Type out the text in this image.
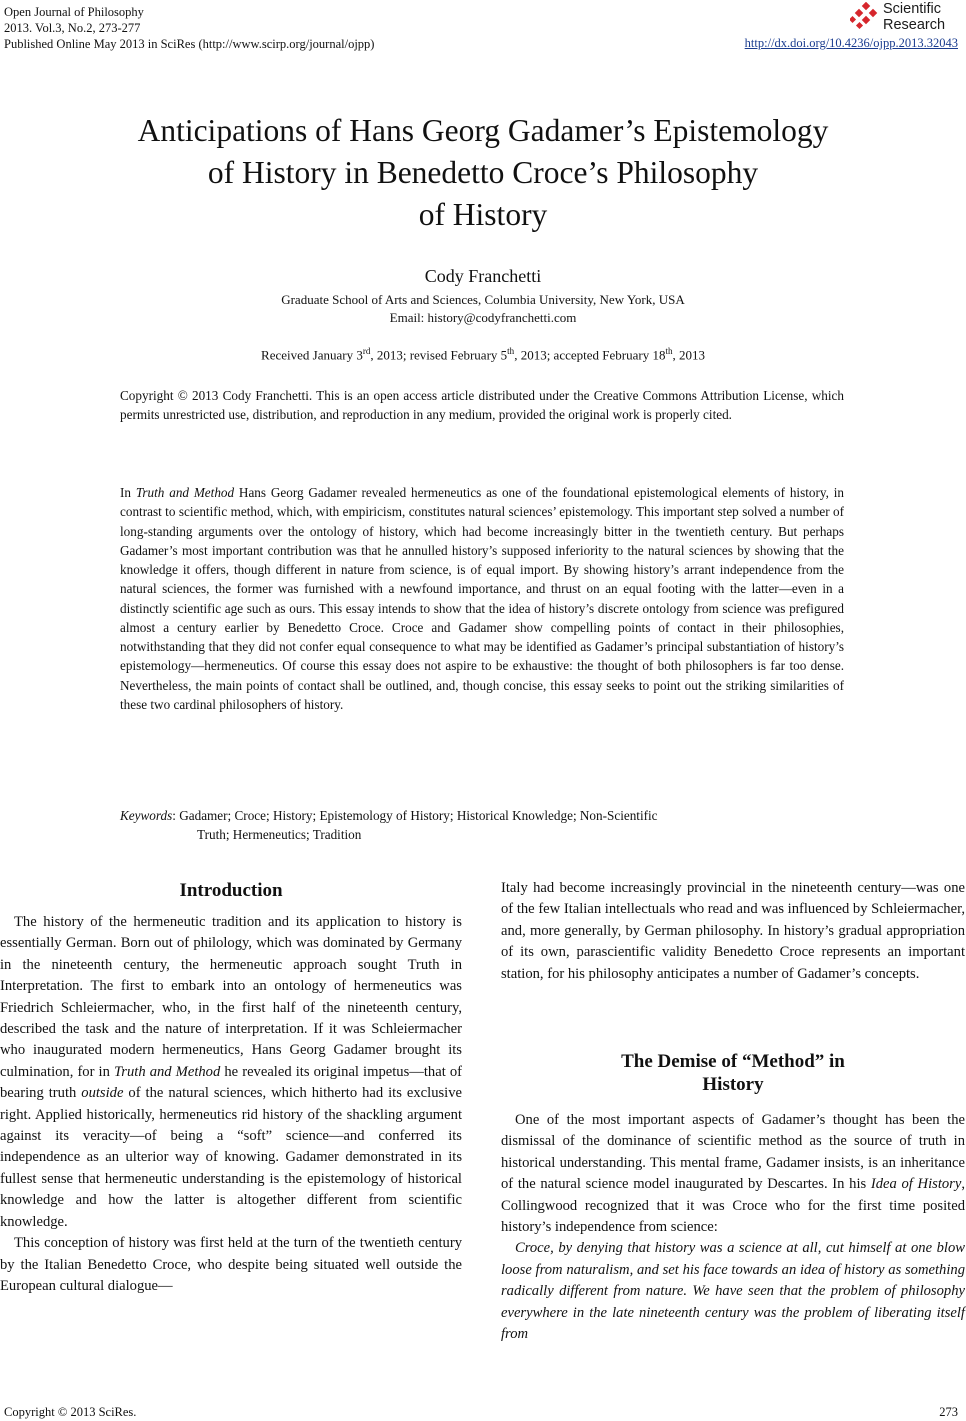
Open Journal of Philosophy
2013. Vol.3, No.2, 273-277
Published Online May 2013 in SciRes (http://www.scirp.org/journal/ojpp)
Scientific
Research
http://dx.doi.org/10.4236/ojpp.2013.32043
Anticipations of Hans Georg Gadamer’s Epistemology
of History in Benedetto Croce’s Philosophy
of History
Cody Franchetti
Graduate School of Arts and Sciences, Columbia University, New York, USA
Email: history@codyfranchetti.com
Received January 3rd, 2013; revised February 5th, 2013; accepted February 18th, 2013
Copyright © 2013 Cody Franchetti. This is an open access article distributed under the Creative Commons Attribution License, which permits unrestricted use, distribution, and reproduction in any medium, provided the original work is properly cited.
In Truth and Method Hans Georg Gadamer revealed hermeneutics as one of the foundational epistemological elements of history, in contrast to scientific method, which, with empiricism, constitutes natural sciences’ epistemology. This important step solved a number of long-standing arguments over the ontology of history, which had become increasingly bitter in the twentieth century. But perhaps Gadamer’s most important contribution was that he annulled history’s supposed inferiority to the natural sciences by showing that the knowledge it offers, though different in nature from science, is of equal import. By showing history’s arrant independence from the natural sciences, the former was furnished with a newfound importance, and thrust on an equal footing with the latter—even in a distinctly scientific age such as ours. This essay intends to show that the idea of history’s discrete ontology from science was prefigured almost a century earlier by Benedetto Croce. Croce and Gadamer show compelling points of contact in their philosophies, notwithstanding that they did not confer equal consequence to what may be identified as Gadamer’s principal substantiation of history’s epistemology—hermeneutics. Of course this essay does not aspire to be exhaustive: the thought of both philosophers is far too dense. Nevertheless, the main points of contact shall be outlined, and, though concise, this essay seeks to point out the striking similarities of these two cardinal philosophers of history.
Keywords: Gadamer; Croce; History; Epistemology of History; Historical Knowledge; Non-Scientific
Truth; Hermeneutics; Tradition
Introduction

The history of the hermeneutic tradition and its application to history is essentially German. Born out of philology, which was dominated by Germany in the nineteenth century, the hermeneutic approach sought Truth in Interpretation. The first to embark into an ontology of hermeneutics was Friedrich Schleiermacher, who, in the first half of the nineteenth century, described the task and the nature of interpretation. If it was Schleiermacher who inaugurated modern hermeneutics, Hans Georg Gadamer brought its culmination, for in Truth and Method he revealed its original impetus—that of bearing truth outside of the natural sciences, which hitherto had its exclusive right. Applied historically, hermeneutics rid history of the shackling argument against its veracity—of being a “soft” science—and conferred its independence as an ulterior way of knowing. Gadamer demonstrated in its fullest sense that hermeneutic understanding is the epistemology of historical knowledge and how the latter is altogether different from scientific knowledge.

This conception of history was first held at the turn of the twentieth century by the Italian Benedetto Croce, who despite being situated well outside the European cultural dialogue—

Italy had become increasingly provincial in the nineteenth century—was one of the few Italian intellectuals who read and was influenced by Schleiermacher, and, more generally, by German philosophy. In history’s gradual appropriation of its own, parascientific validity Benedetto Croce represents an important station, for his philosophy anticipates a number of Gadamer’s concepts.

The Demise of “Method” in
History

One of the most important aspects of Gadamer’s thought has been the dismissal of the dominance of scientific method as the source of truth in historical understanding. This mental frame, Gadamer insists, is an inheritance of the natural science model inaugurated by Descartes. In his Idea of History, Collingwood recognized that it was Croce who for the first time posited history’s independence from science:

Croce, by denying that history was a science at all, cut himself at one blow loose from naturalism, and set his face towards an idea of history as something radically different from nature. We have seen that the problem of philosophy everywhere in the late nineteenth century was the problem of liberating itself from

Copyright © 2013 SciRes.	273
